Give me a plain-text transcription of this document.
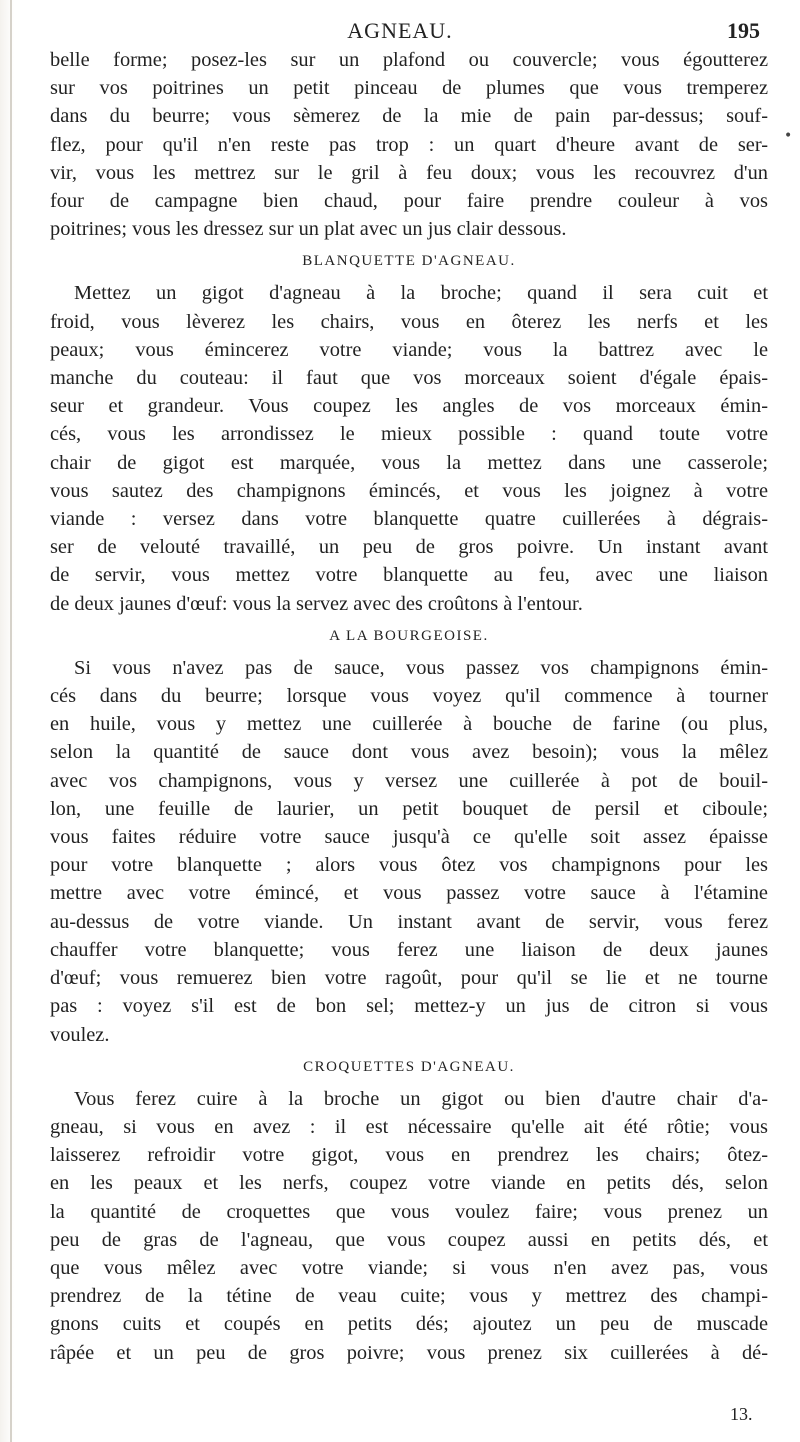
AGNEAU.	195
•

belle forme; posez-les sur un plafond ou couvercle; vous égoutterez
sur vos poitrines un petit pinceau de plumes que vous tremperez
dans du beurre; vous sèmerez de la mie de pain par-dessus; souf-
flez, pour qu'il n'en reste pas trop : un quart d'heure avant de ser-
vir, vous les mettrez sur le gril à feu doux; vous les recouvrez d'un
four de campagne bien chaud, pour faire prendre couleur à vos
poitrines; vous les dressez sur un plat avec un jus clair dessous.

BLANQUETTE D'AGNEAU.

Mettez un gigot d'agneau à la broche; quand il sera cuit et
froid, vous lèverez les chairs, vous en ôterez les nerfs et les
peaux; vous émincerez votre viande; vous la battrez avec le
manche du couteau: il faut que vos morceaux soient d'égale épais-
seur et grandeur. Vous coupez les angles de vos morceaux émin-
cés, vous les arrondissez le mieux possible : quand toute votre
chair de gigot est marquée, vous la mettez dans une casserole;
vous sautez des champignons émincés, et vous les joignez à votre
viande : versez dans votre blanquette quatre cuillerées à dégrais-
ser de velouté travaillé, un peu de gros poivre. Un instant avant
de servir, vous mettez votre blanquette au feu, avec une liaison
de deux jaunes d'œuf: vous la servez avec des croûtons à l'entour.

A LA BOURGEOISE.

Si vous n'avez pas de sauce, vous passez vos champignons émin-
cés dans du beurre; lorsque vous voyez qu'il commence à tourner
en huile, vous y mettez une cuillerée à bouche de farine (ou plus,
selon la quantité de sauce dont vous avez besoin); vous la mêlez
avec vos champignons, vous y versez une cuillerée à pot de bouil-
lon, une feuille de laurier, un petit bouquet de persil et ciboule;
vous faites réduire votre sauce jusqu'à ce qu'elle soit assez épaisse
pour votre blanquette ; alors vous ôtez vos champignons pour les
mettre avec votre émincé, et vous passez votre sauce à l'étamine
au-dessus de votre viande. Un instant avant de servir, vous ferez
chauffer votre blanquette; vous ferez une liaison de deux jaunes
d'œuf; vous remuerez bien votre ragoût, pour qu'il se lie et ne tourne
pas : voyez s'il est de bon sel; mettez-y un jus de citron si vous
voulez.

CROQUETTES D'AGNEAU.

Vous ferez cuire à la broche un gigot ou bien d'autre chair d'a-
gneau, si vous en avez : il est nécessaire qu'elle ait été rôtie; vous
laisserez refroidir votre gigot, vous en prendrez les chairs; ôtez-
en les peaux et les nerfs, coupez votre viande en petits dés, selon
la quantité de croquettes que vous voulez faire; vous prenez un
peu de gras de l'agneau, que vous coupez aussi en petits dés, et
que vous mêlez avec votre viande; si vous n'en avez pas, vous
prendrez de la tétine de veau cuite; vous y mettrez des champi-
gnons cuits et coupés en petits dés; ajoutez un peu de muscade
râpée et un peu de gros poivre; vous prenez six cuillerées à dé-

13.
